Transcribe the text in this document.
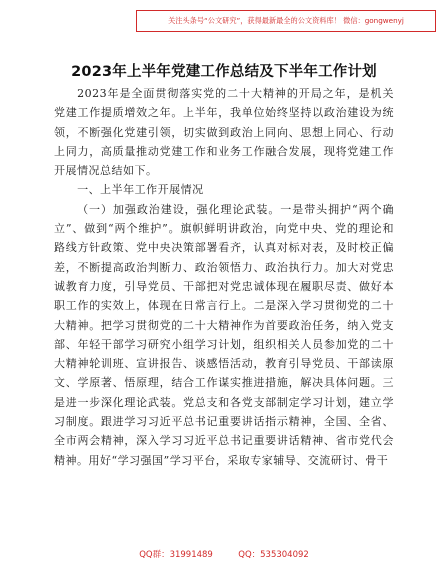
关注头条号“公文研究”，获得最新最全的公文资料库！ 微信：gongwenyj
2023年上半年党建工作总结及下半年工作计划

2023年是全面贯彻落实党的二十大精神的开局之年，是机关党建工作提质增效之年。上半年，我单位始终坚持以政治建设为统领，不断强化党建引领，切实做到政治上同向、思想上同心、行动上同力，高质量推动党建工作和业务工作融合发展，现将党建工作开展情况总结如下。

一、上半年工作开展情况

（一）加强政治建设，强化理论武装。一是带头拥护“两个确立”、做到“两个维护”。旗帜鲜明讲政治，向党中央、党的理论和路线方针政策、党中央决策部署看齐，认真对标对表，及时校正偏差，不断提高政治判断力、政治领悟力、政治执行力。加大对党忠诚教育力度，引导党员、干部把对党忠诚体现在履职尽责、做好本职工作的实效上，体现在日常言行上。二是深入学习贯彻党的二十大精神。把学习贯彻党的二十大精神作为首要政治任务，纳入党支部、年轻干部学习研究小组学习计划，组织相关人员参加党的二十大精神轮训班、宣讲报告、谈感悟活动，教育引导党员、干部读原文、学原著、悟原理，结合工作谋实推进措施，解决具体问题。三是进一步深化理论武装。党总支和各党支部制定学习计划，建立学习制度。跟进学习习近平总书记重要讲话指示精神，全国、全省、全市两会精神，深入学习习近平总书记重要讲话精神、省市党代会精神。用好“学习强国”学习平台，采取专家辅导、交流研讨、骨干

QQ群：31991489	QQ：535304092
